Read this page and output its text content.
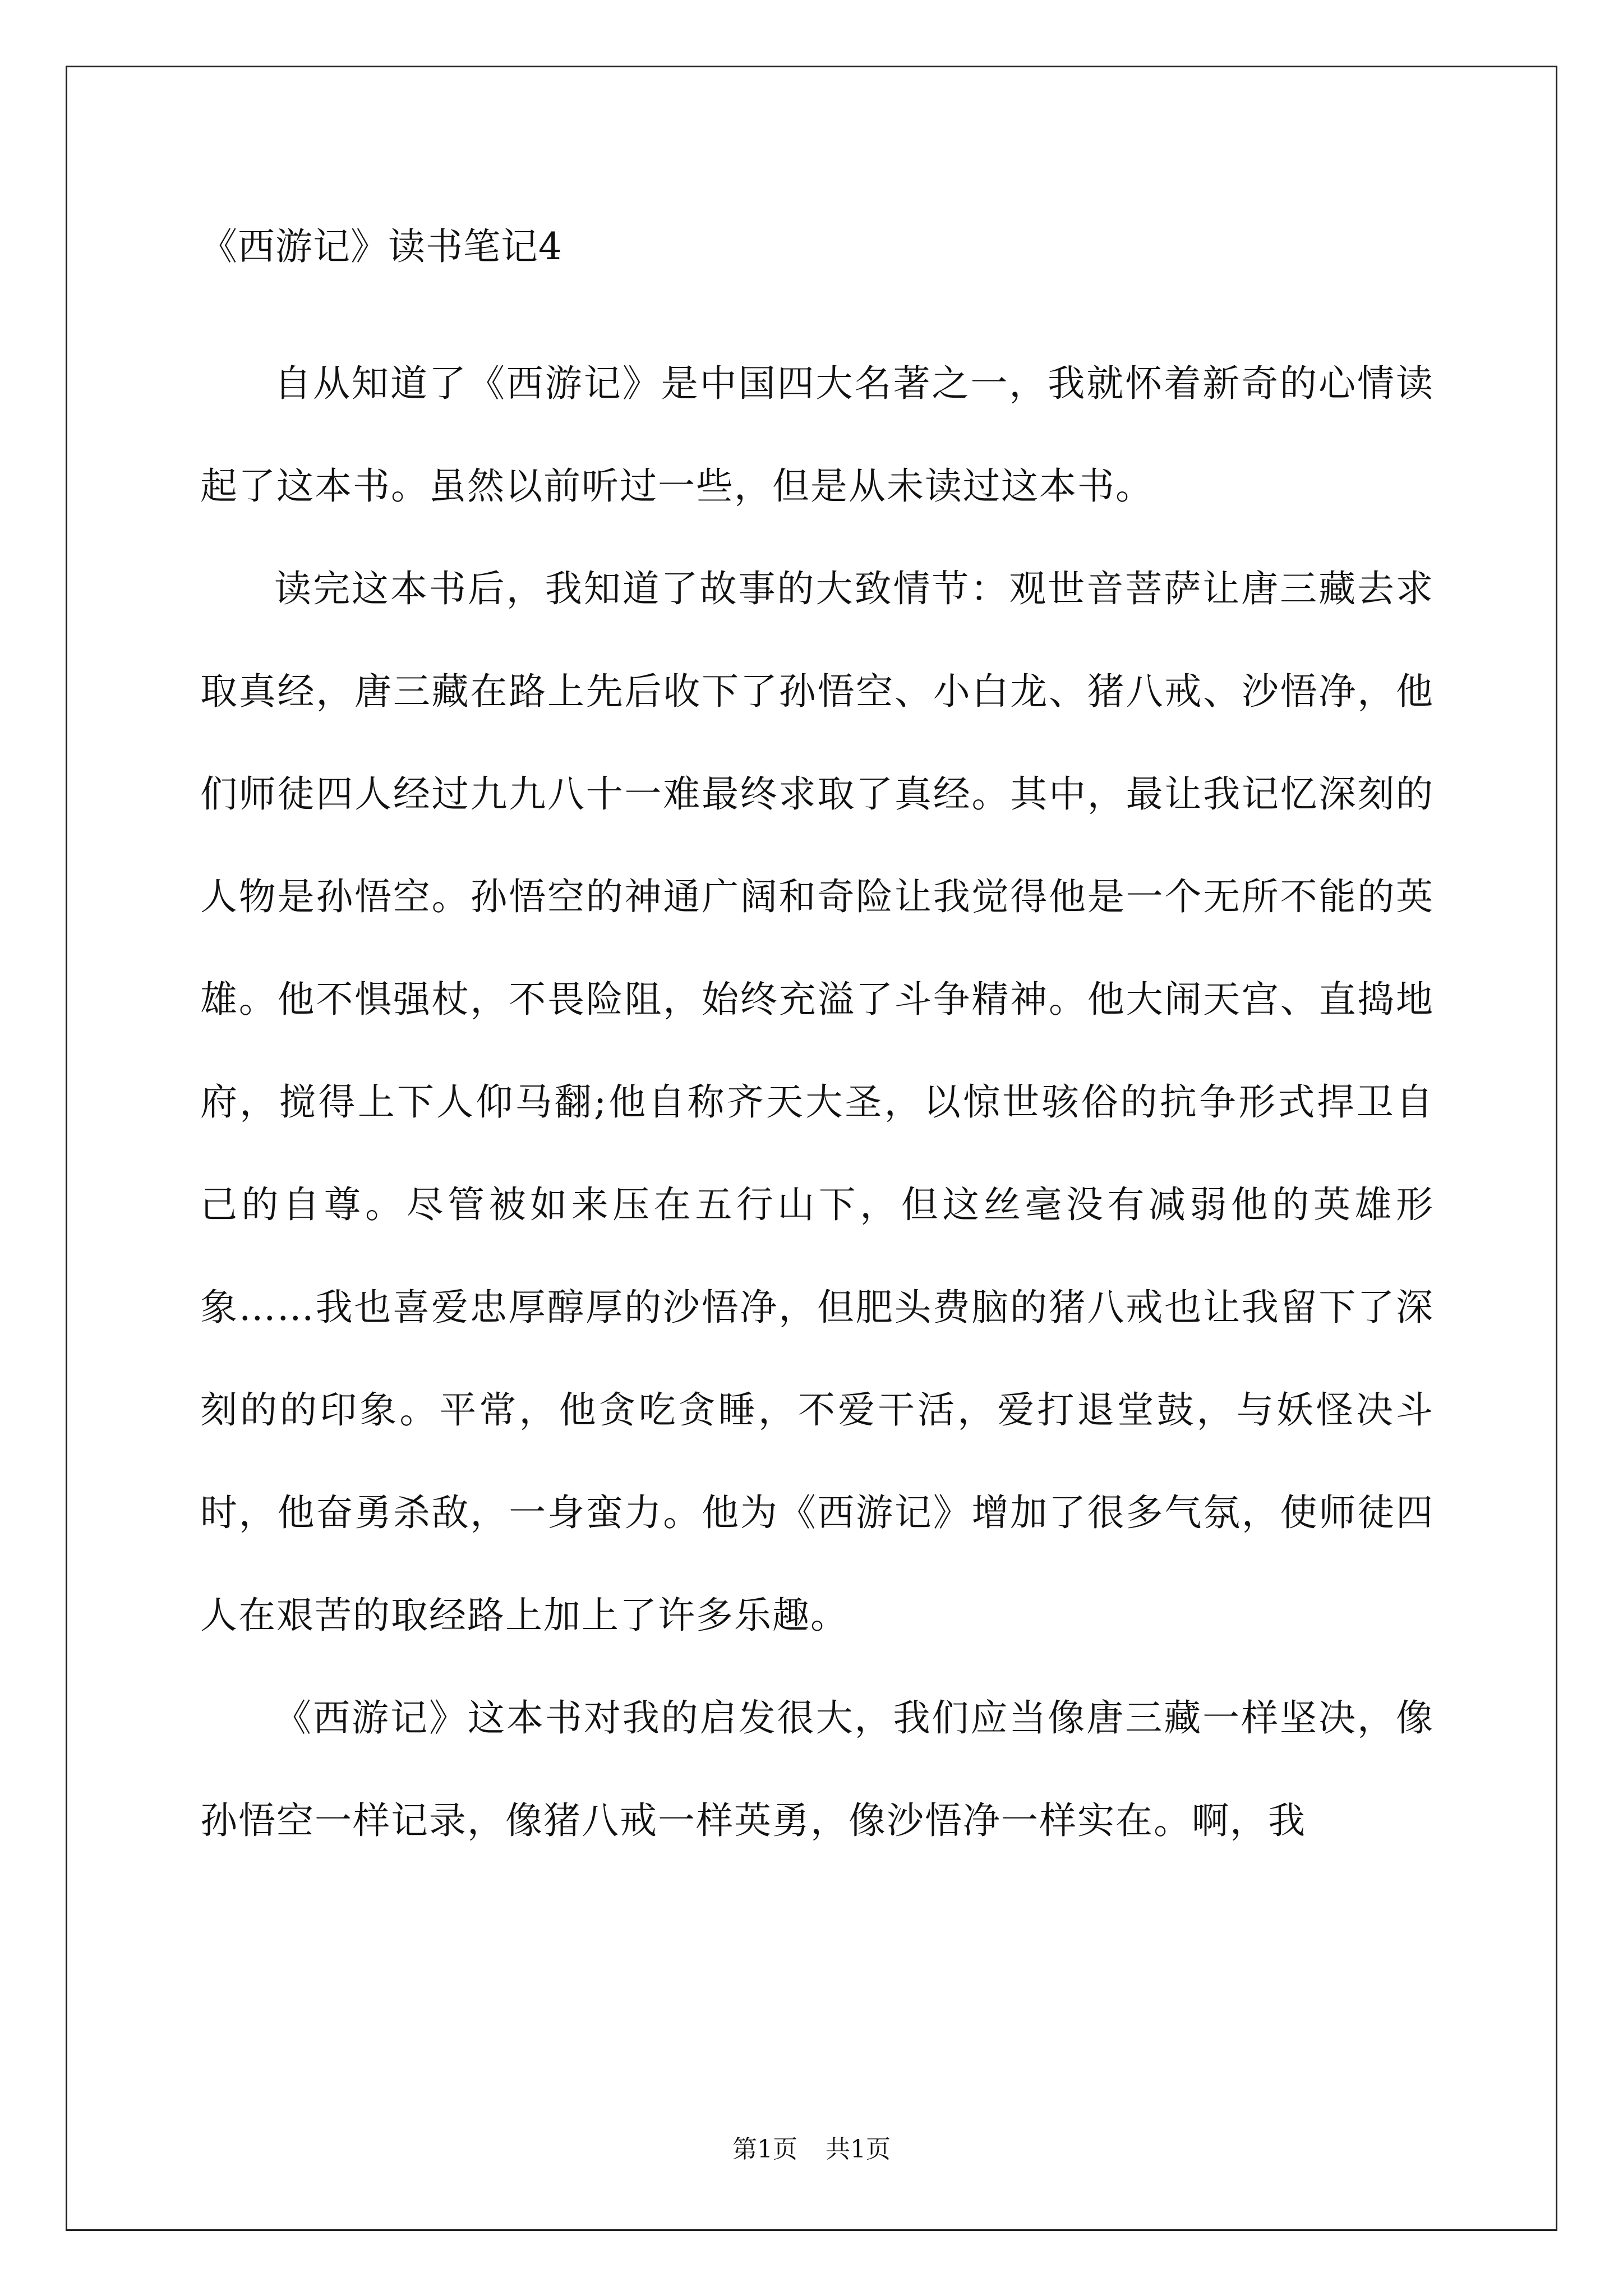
《西游记》读书笔记4

自从知道了《西游记》是中国四大名著之一，我就怀着新奇的心情读起了这本书。虽然以前听过一些，但是从未读过这本书。

读完这本书后，我知道了故事的大致情节：观世音菩萨让唐三藏去求取真经，唐三藏在路上先后收下了孙悟空、小白龙、猪八戒、沙悟净，他们师徒四人经过九九八十一难最终求取了真经。其中，最让我记忆深刻的人物是孙悟空。孙悟空的神通广阔和奇险让我觉得他是一个无所不能的英雄。他不惧强杖，不畏险阻，始终充溢了斗争精神。他大闹天宫、直捣地府，搅得上下人仰马翻;他自称齐天大圣，以惊世骇俗的抗争形式捍卫自己的自尊。尽管被如来压在五行山下，但这丝毫没有减弱他的英雄形象……我也喜爱忠厚醇厚的沙悟净，但肥头费脑的猪八戒也让我留下了深刻的的印象。平常，他贪吃贪睡，不爱干活，爱打退堂鼓，与妖怪决斗时，他奋勇杀敌，一身蛮力。他为《西游记》增加了很多气氛，使师徒四人在艰苦的取经路上加上了许多乐趣。

《西游记》这本书对我的启发很大，我们应当像唐三藏一样坚决，像孙悟空一样记录，像猪八戒一样英勇，像沙悟净一样实在。啊，我

第1页 共1页
